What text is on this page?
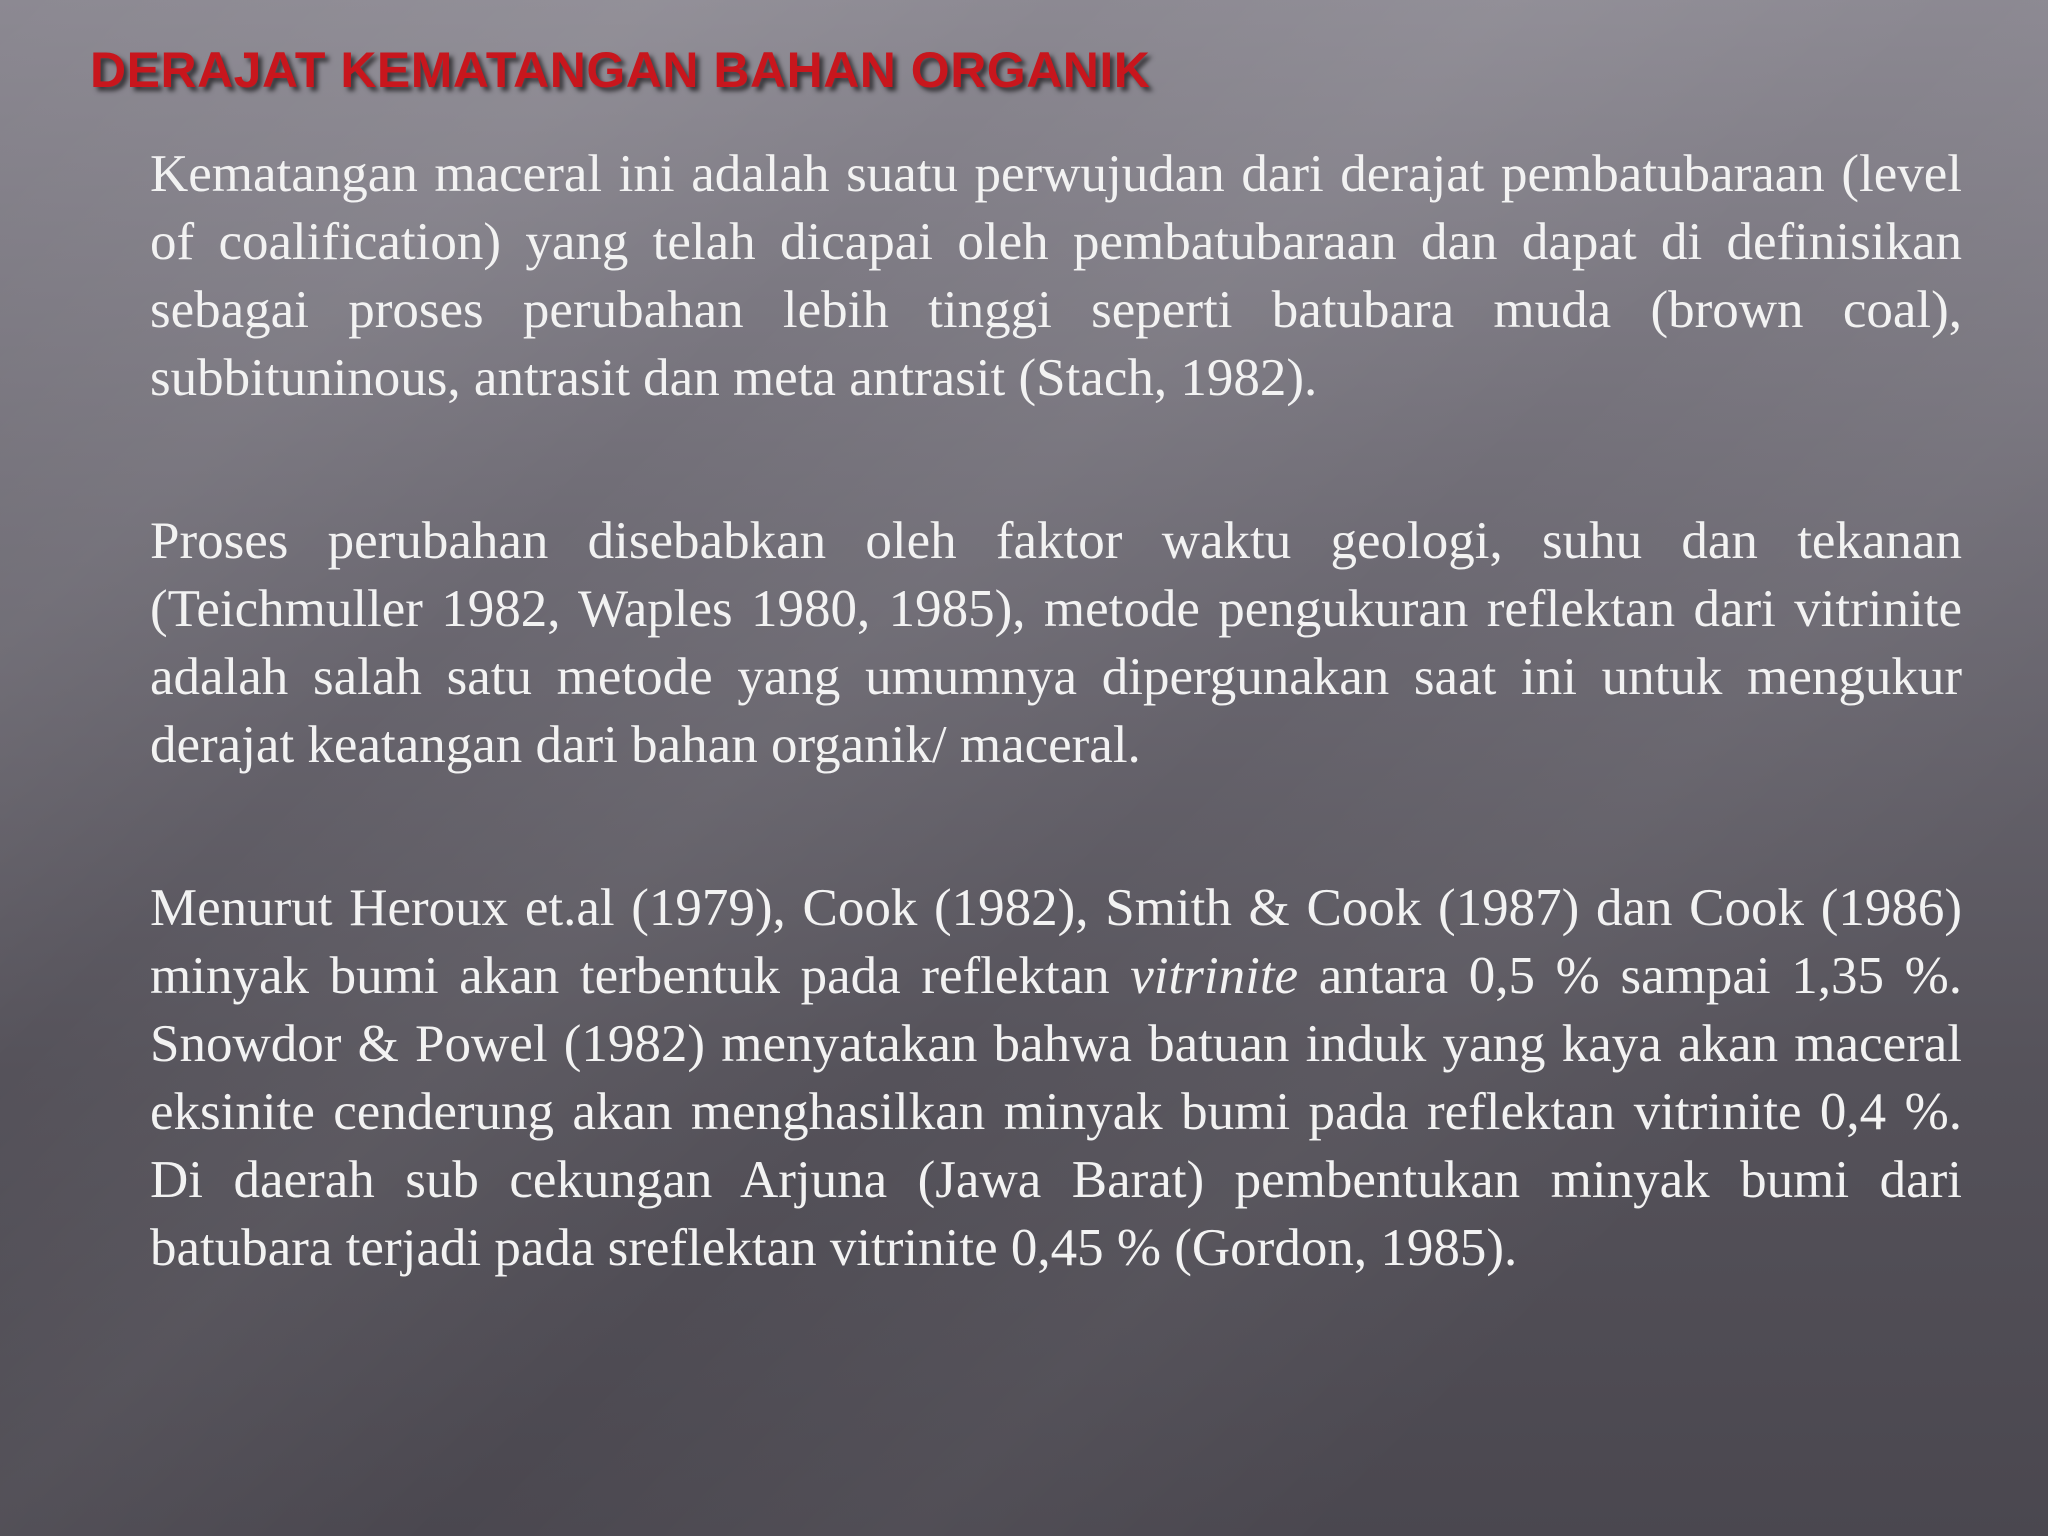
DERAJAT KEMATANGAN BAHAN ORGANIK

Kematangan maceral ini adalah suatu perwujudan dari derajat pembatubaraan (level of coalification) yang telah dicapai oleh pembatubaraan dan dapat di definisikan sebagai proses perubahan lebih tinggi seperti batubara muda (brown coal), subbituninous, antrasit dan meta antrasit (Stach, 1982).

Proses perubahan disebabkan oleh faktor waktu geologi, suhu dan tekanan (Teichmuller 1982, Waples 1980, 1985), metode pengukuran reflektan dari vitrinite adalah salah satu metode yang umumnya dipergunakan saat ini untuk mengukur derajat keatangan dari bahan organik/ maceral.

Menurut Heroux et.al (1979), Cook (1982), Smith & Cook (1987) dan Cook (1986) minyak bumi akan terbentuk pada reflektan vitrinite antara 0,5 % sampai 1,35 %. Snowdor & Powel (1982) menyatakan bahwa batuan induk yang kaya akan maceral eksinite cenderung akan menghasilkan minyak bumi pada reflektan vitrinite 0,4 %. Di daerah sub cekungan Arjuna (Jawa Barat) pembentukan minyak bumi dari batubara terjadi pada sreflektan vitrinite 0,45 % (Gordon, 1985).
